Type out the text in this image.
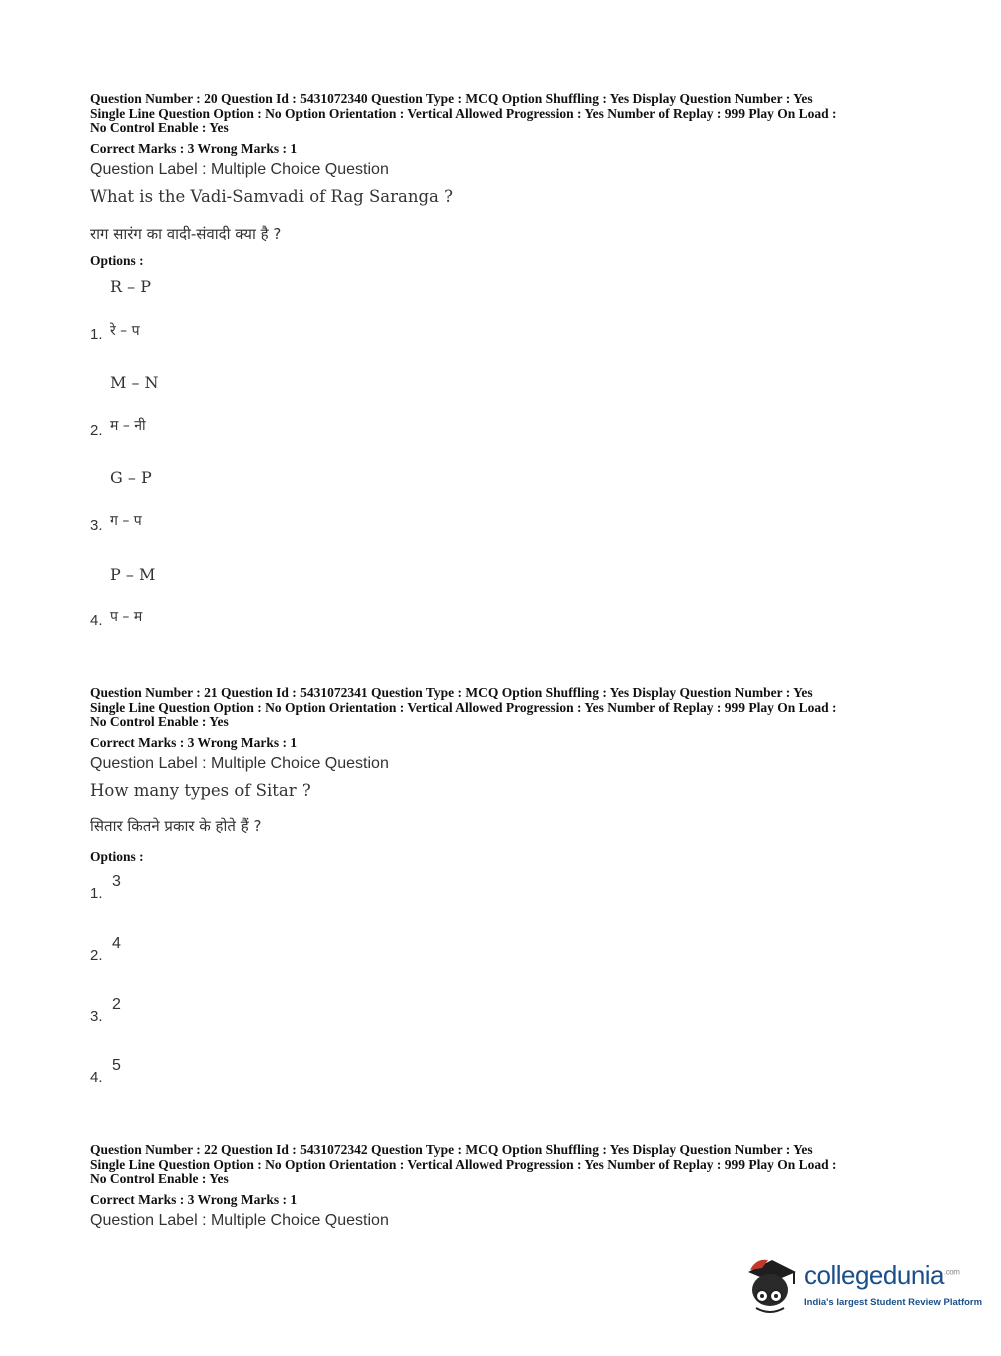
Question Number : 20 Question Id : 5431072340 Question Type : MCQ Option Shuffling : Yes Display Question Number : Yes
Single Line Question Option : No Option Orientation : Vertical Allowed Progression : Yes Number of Replay : 999 Play On Load :
No Control Enable : Yes
Correct Marks : 3 Wrong Marks : 1
Question Label : Multiple Choice Question
What is the Vadi-Samvadi of Rag Saranga ?
राग सारंग का वादी-संवादी क्या है ?
Options :
R – P
1. रे – प
M – N
2. म – नी
G – P
3. ग – प
P – M
4. प – म
Question Number : 21 Question Id : 5431072341 Question Type : MCQ Option Shuffling : Yes Display Question Number : Yes
Single Line Question Option : No Option Orientation : Vertical Allowed Progression : Yes Number of Replay : 999 Play On Load :
No Control Enable : Yes
Correct Marks : 3 Wrong Marks : 1
Question Label : Multiple Choice Question
How many types of Sitar ?
सितार कितने प्रकार के होते हैं ?
Options :
3
1.
4
2.
2
3.
5
4.
Question Number : 22 Question Id : 5431072342 Question Type : MCQ Option Shuffling : Yes Display Question Number : Yes
Single Line Question Option : No Option Orientation : Vertical Allowed Progression : Yes Number of Replay : 999 Play On Load :
No Control Enable : Yes
Correct Marks : 3 Wrong Marks : 1
Question Label : Multiple Choice Question
collegedunia$^{.com}$
India's largest Student Review Platform
